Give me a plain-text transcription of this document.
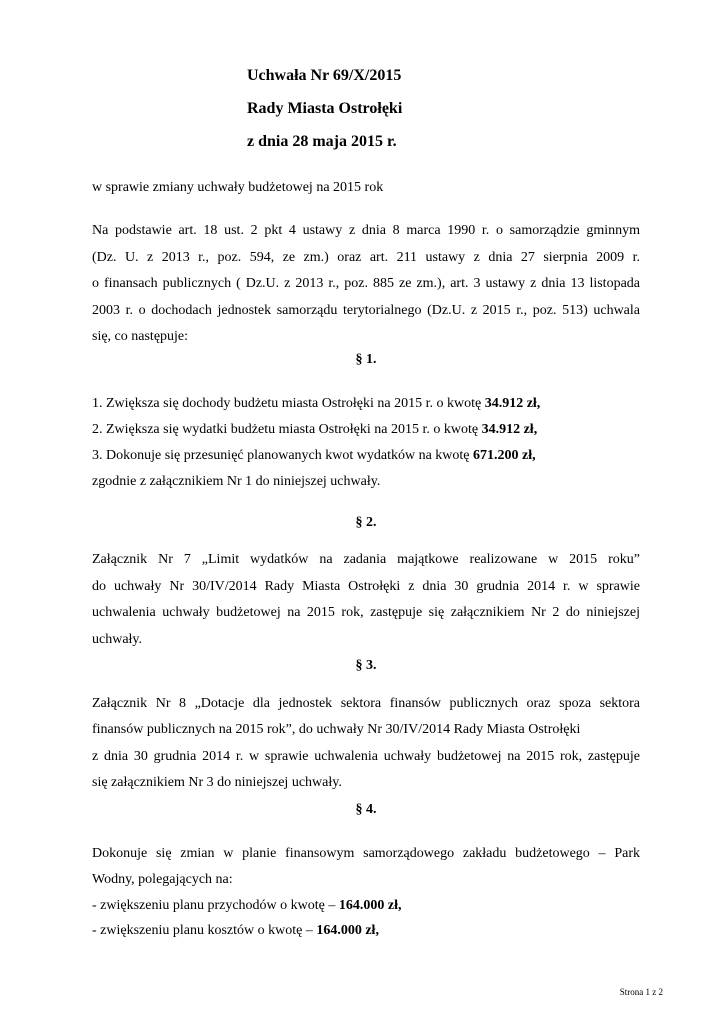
Uchwała Nr 69/X/2015
Rady Miasta Ostrołęki
z dnia 28 maja 2015 r.
w sprawie zmiany uchwały budżetowej na 2015 rok
Na podstawie art. 18 ust. 2 pkt 4 ustawy z dnia 8 marca 1990 r. o samorządzie gminnym
(Dz. U. z 2013 r., poz. 594, ze zm.) oraz art. 211 ustawy z dnia 27 sierpnia 2009 r.
o finansach publicznych ( Dz.U. z 2013 r., poz. 885 ze zm.), art. 3 ustawy z dnia 13 listopada
2003 r. o dochodach jednostek samorządu terytorialnego (Dz.U. z 2015 r., poz. 513) uchwala
się, co następuje:
§ 1.
1. Zwiększa się dochody budżetu miasta Ostrołęki na 2015 r. o kwotę 34.912 zł,
2. Zwiększa się wydatki budżetu miasta Ostrołęki na 2015 r. o kwotę 34.912 zł,
3. Dokonuje się przesunięć planowanych kwot wydatków na kwotę 671.200 zł,
zgodnie z załącznikiem Nr 1 do niniejszej uchwały.
§ 2.
Załącznik Nr 7 „Limit wydatków na zadania majątkowe realizowane w 2015 roku”
do uchwały Nr 30/IV/2014 Rady Miasta Ostrołęki z dnia 30 grudnia 2014 r. w sprawie
uchwalenia uchwały budżetowej na 2015 rok, zastępuje się załącznikiem Nr 2 do niniejszej
uchwały.
§ 3.
Załącznik Nr 8 „Dotacje dla jednostek sektora finansów publicznych oraz spoza sektora
finansów publicznych na 2015 rok”, do uchwały Nr 30/IV/2014 Rady Miasta Ostrołęki
z dnia 30 grudnia 2014 r. w sprawie uchwalenia uchwały budżetowej na 2015 rok, zastępuje
się załącznikiem Nr 3 do niniejszej uchwały.
§ 4.
Dokonuje się zmian w planie finansowym samorządowego zakładu budżetowego – Park
Wodny, polegających na:
- zwiększeniu planu przychodów o kwotę – 164.000 zł,
- zwiększeniu planu kosztów o kwotę – 164.000 zł,
Strona 1 z 2
